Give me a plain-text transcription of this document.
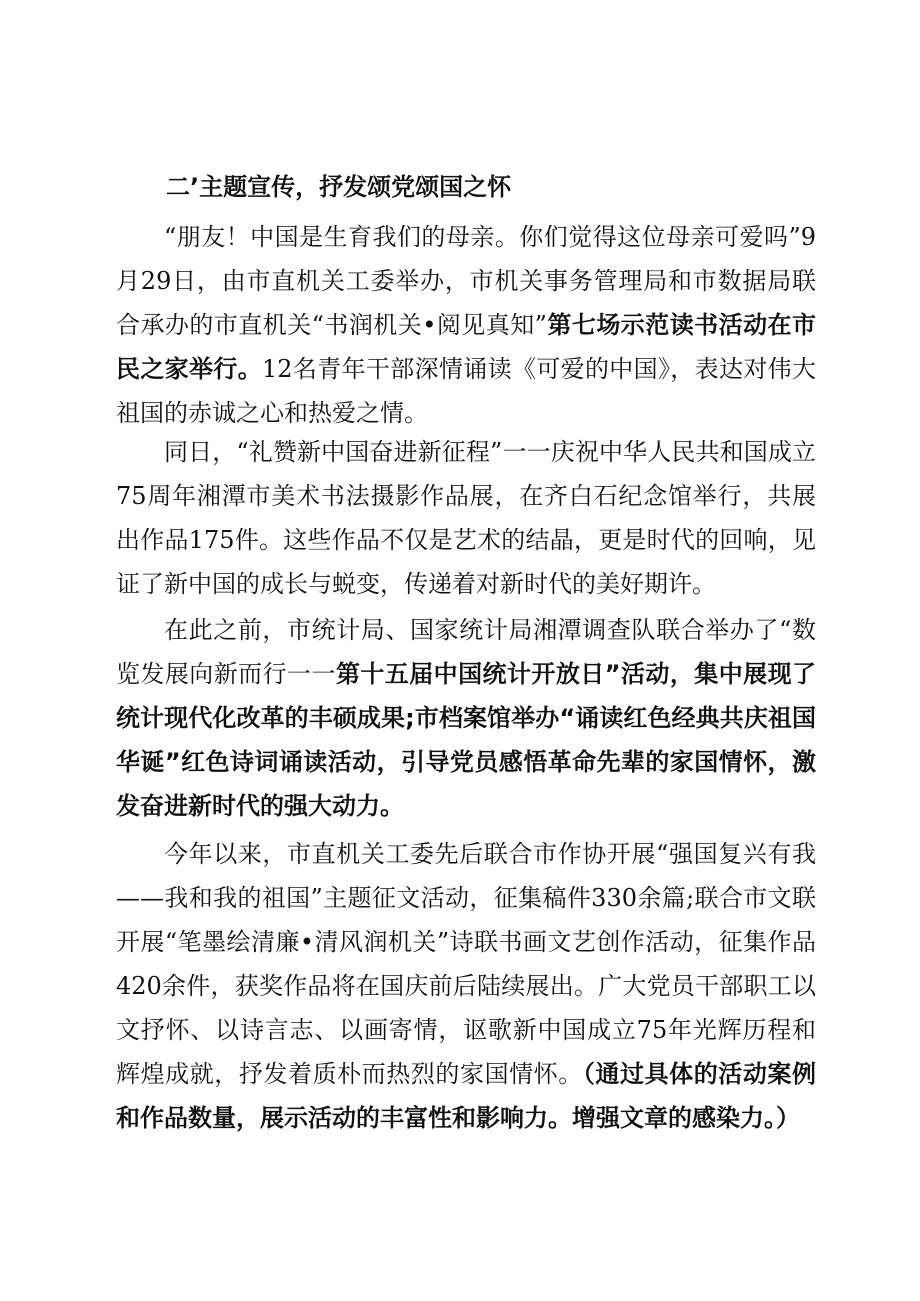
二’主题宣传，抒发颂党颂国之怀

“朋友！中国是生育我们的母亲。你们觉得这位母亲可爱吗”9月29日，由市直机关工委举办，市机关事务管理局和市数据局联合承办的市直机关“书润机关•阅见真知”第七场示范读书活动在市民之家举行。12名青年干部深情诵读《可爱的中国》，表达对伟大祖国的赤诚之心和热爱之情。

同日，“礼赞新中国奋进新征程”一一庆祝中华人民共和国成立75周年湘潭市美术书法摄影作品展，在齐白石纪念馆举行，共展出作品175件。这些作品不仅是艺术的结晶，更是时代的回响，见证了新中国的成长与蜕变，传递着对新时代的美好期许。

在此之前，市统计局、国家统计局湘潭调查队联合举办了“数览发展向新而行一一第十五届中国统计开放日”活动，集中展现了统计现代化改革的丰硕成果;市档案馆举办“诵读红色经典共庆祖国华诞”红色诗词诵读活动，引导党员感悟革命先辈的家国情怀，激发奋进新时代的强大动力。

今年以来，市直机关工委先后联合市作协开展“强国复兴有我——我和我的祖国”主题征文活动，征集稿件330余篇;联合市文联开展“笔墨绘清廉•清风润机关”诗联书画文艺创作活动，征集作品420余件，获奖作品将在国庆前后陆续展出。广大党员干部职工以文抒怀、以诗言志、以画寄情，讴歌新中国成立75年光辉历程和辉煌成就，抒发着质朴而热烈的家国情怀。（通过具体的活动案例和作品数量，展示活动的丰富性和影响力。增强文章的感染力。）
